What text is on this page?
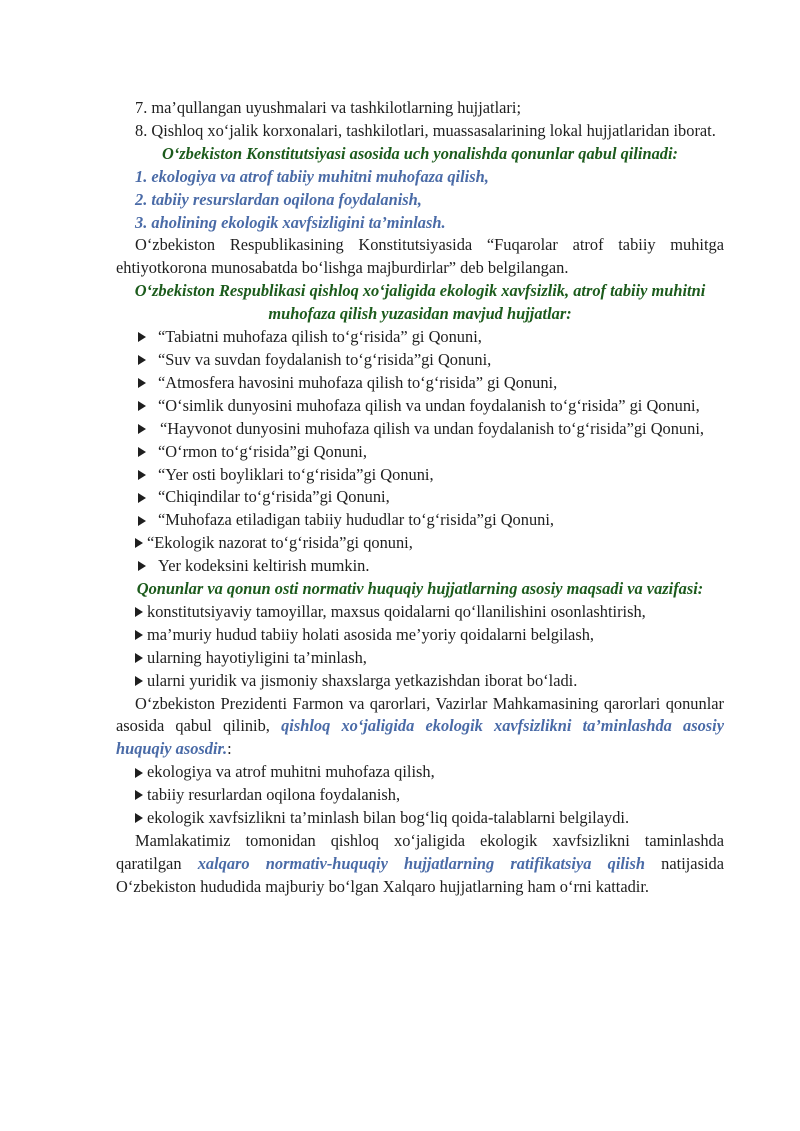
7. ma’qullangan uyushmalari va tashkilotlarning hujjatlari;

8. Qishloq xo‘jalik korxonalari, tashkilotlari, muassasalarining lokal hujjatlaridan iborat.

O‘zbekiston Konstitutsiyasi asosida uch yonalishda qonunlar qabul qilinadi:

1. ekologiya va atrof tabiiy muhitni muhofaza qilish,

2. tabiiy resurslardan oqilona foydalanish,

3. aholining ekologik xavfsizligini ta’minlash.

O‘zbekiston Respublikasining Konstitutsiyasida “Fuqarolar atrof tabiiy muhitga ehtiyotkorona munosabatda bo‘lishga majburdirlar” deb belgilangan.

O‘zbekiston Respublikasi qishloq xo‘jaligida ekologik xavfsizlik, atrof tabiiy muhitni muhofaza qilish yuzasidan mavjud hujjatlar:

“Tabiatni muhofaza qilish to‘g‘risida” gi Qonuni,

“Suv va suvdan foydalanish to‘g‘risida”gi Qonuni,

“Atmosfera havosini muhofaza qilish to‘g‘risida” gi Qonuni,

“O‘simlik dunyosini muhofaza qilish va undan foydalanish to‘g‘risida” gi Qonuni,

“Hayvonot dunyosini muhofaza qilish va undan foydalanish to‘g‘risida”gi Qonuni,

“O‘rmon to‘g‘risida”gi Qonuni,

“Yer osti boyliklari to‘g‘risida”gi Qonuni,

“Chiqindilar to‘g‘risida”gi Qonuni,

“Muhofaza etiladigan tabiiy hududlar to‘g‘risida”gi Qonuni,

“Ekologik nazorat to‘g‘risida”gi qonuni,

Yer kodeksini keltirish mumkin.

Qonunlar va qonun osti normativ huquqiy hujjatlarning asosiy maqsadi va vazifasi:

konstitutsiyaviy tamoyillar, maxsus qoidalarni qo‘llanilishini osonlashtirish,

ma’muriy hudud tabiiy holati asosida me’yoriy qoidalarni belgilash,

ularning hayotiyligini ta’minlash,

ularni yuridik va jismoniy shaxslarga yetkazishdan iborat bo‘ladi.

O‘zbekiston Prezidenti Farmon va qarorlari, Vazirlar Mahkamasining qarorlari qonunlar asosida qabul qilinib, qishloq xo‘jaligida ekologik xavfsizlikni ta’minlashda asosiy huquqiy asosdir.:

ekologiya va atrof muhitni muhofaza qilish,

tabiiy resurlardan oqilona foydalanish,

ekologik xavfsizlikni ta’minlash bilan bog‘liq qoida-talablarni belgilaydi.

Mamlakatimiz tomonidan qishloq xo‘jaligida ekologik xavfsizlikni taminlashda qaratilgan xalqaro normativ-huquqiy hujjatlarning ratifikatsiya qilish natijasida O‘zbekiston hududida majburiy bo‘lgan Xalqaro hujjatlarning ham o‘rni kattadir.
